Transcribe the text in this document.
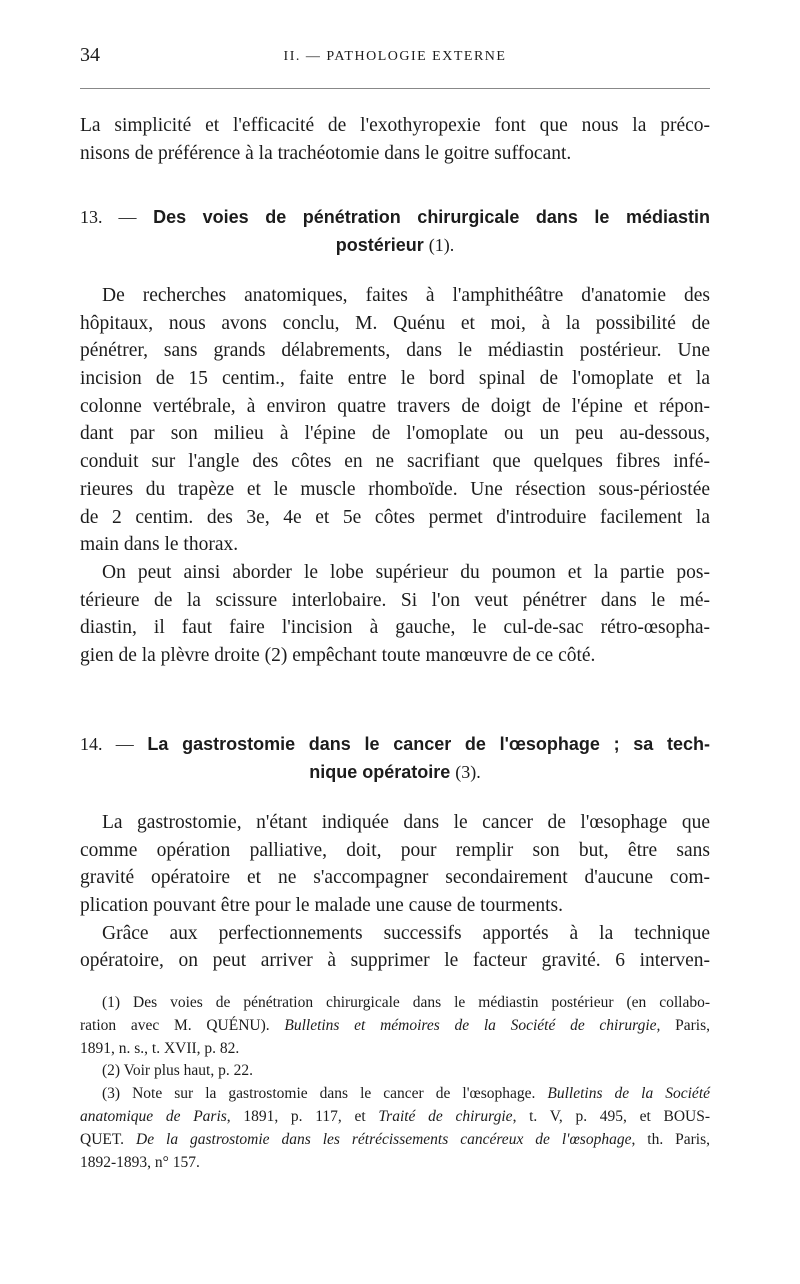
34	II. — PATHOLOGIE EXTERNE
La simplicité et l'efficacité de l'exothyropexie font que nous la préco-
nisons de préférence à la trachéotomie dans le goitre suffocant.
13. — Des voies de pénétration chirurgicale dans le médiastin
postérieur (1).
De recherches anatomiques, faites à l'amphithéâtre d'anatomie des
hôpitaux, nous avons conclu, M. Quénu et moi, à la possibilité de
pénétrer, sans grands délabrements, dans le médiastin postérieur. Une
incision de 15 centim., faite entre le bord spinal de l'omoplate et la
colonne vertébrale, à environ quatre travers de doigt de l'épine et répon-
dant par son milieu à l'épine de l'omoplate ou un peu au-dessous,
conduit sur l'angle des côtes en ne sacrifiant que quelques fibres infé-
rieures du trapèze et le muscle rhomboïde. Une résection sous-périostée
de 2 centim. des 3e, 4e et 5e côtes permet d'introduire facilement la
main dans le thorax.
On peut ainsi aborder le lobe supérieur du poumon et la partie pos-
térieure de la scissure interlobaire. Si l'on veut pénétrer dans le mé-
diastin, il faut faire l'incision à gauche, le cul-de-sac rétro-œsopha-
gien de la plèvre droite (2) empêchant toute manœuvre de ce côté.
14. — La gastrostomie dans le cancer de l'œsophage ; sa tech-
nique opératoire (3).
La gastrostomie, n'étant indiquée dans le cancer de l'œsophage que
comme opération palliative, doit, pour remplir son but, être sans
gravité opératoire et ne s'accompagner secondairement d'aucune com-
plication pouvant être pour le malade une cause de tourments.
Grâce aux perfectionnements successifs apportés à la technique
opératoire, on peut arriver à supprimer le facteur gravité. 6 interven-
(1) Des voies de pénétration chirurgicale dans le médiastin postérieur (en collabo-
ration avec M. QUÉNU). Bulletins et mémoires de la Société de chirurgie, Paris,
1891, n. s., t. XVII, p. 82.
(2) Voir plus haut, p. 22.
(3) Note sur la gastrostomie dans le cancer de l'œsophage. Bulletins de la Société
anatomique de Paris, 1891, p. 117, et Traité de chirurgie, t. V, p. 495, et BOUS-
QUET. De la gastrostomie dans les rétrécissements cancéreux de l'œsophage, th. Paris,
1892-1893, n° 157.
